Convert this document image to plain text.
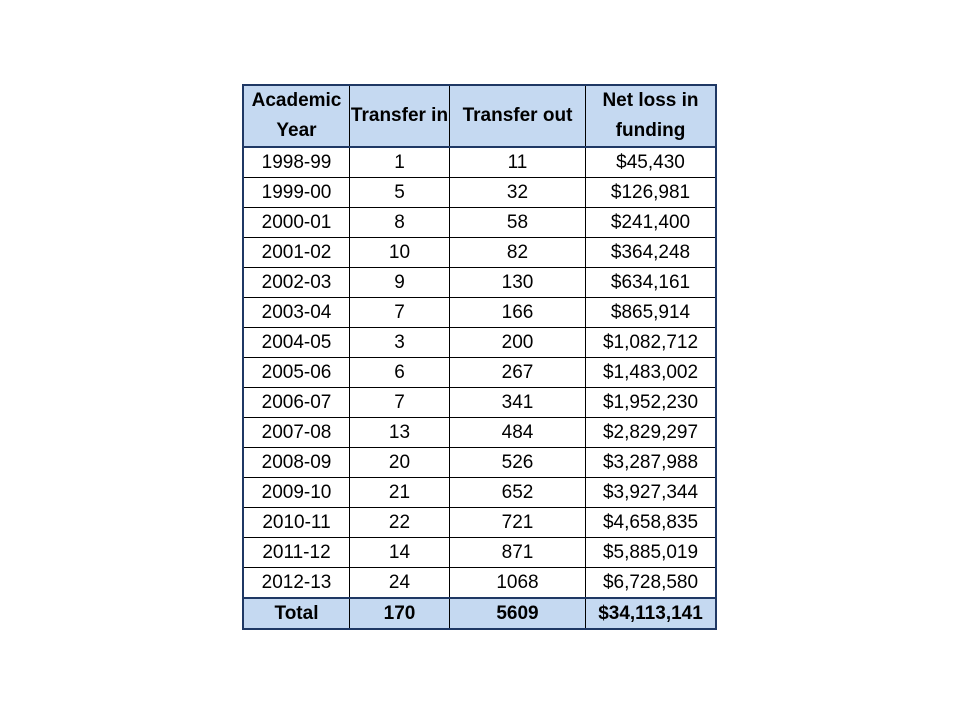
Academic Year	Transfer in	Transfer out	Net loss in funding
1998-99	1	11	$45,430
1999-00	5	32	$126,981
2000-01	8	58	$241,400
2001-02	10	82	$364,248
2002-03	9	130	$634,161
2003-04	7	166	$865,914
2004-05	3	200	$1,082,712
2005-06	6	267	$1,483,002
2006-07	7	341	$1,952,230
2007-08	13	484	$2,829,297
2008-09	20	526	$3,287,988
2009-10	21	652	$3,927,344
2010-11	22	721	$4,658,835
2011-12	14	871	$5,885,019
2012-13	24	1068	$6,728,580
Total	170	5609	$34,113,141
